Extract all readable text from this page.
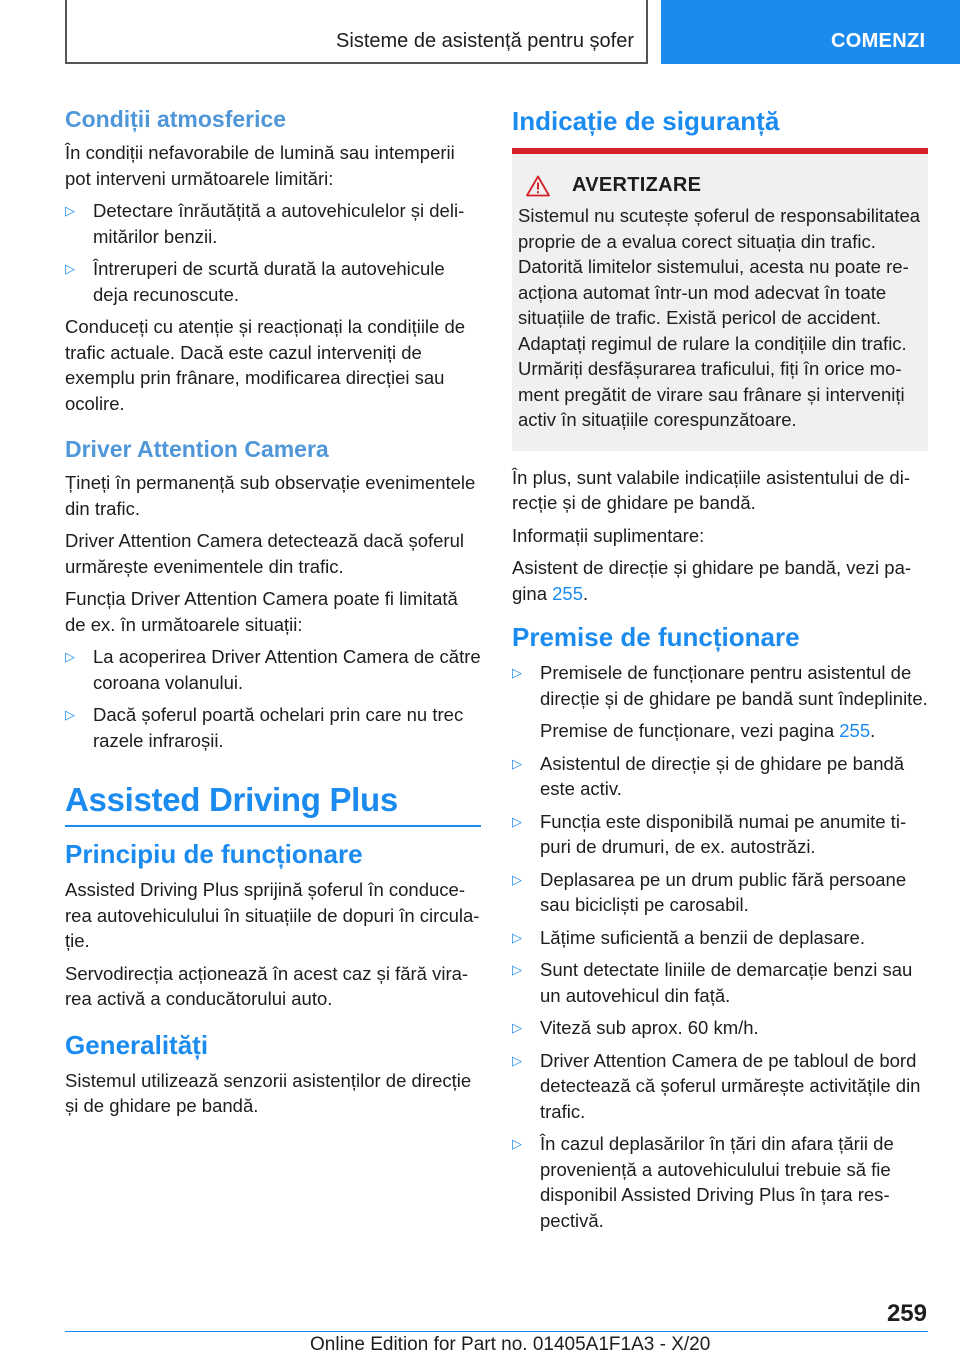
Sisteme de asistență pentru șofer	COMENZI
Condiții atmosferice

În condiții nefavorabile de lumină sau intemperii pot interveni următoarele limitări:

▷ Detectare înrăutățită a autovehiculelor și delimitărilor benzii.
▷ Întreruperi de scurtă durată la autovehicule deja recunoscute.

Conduceți cu atenție și reacționați la condițiile de trafic actuale. Dacă este cazul interveniți de exemplu prin frânare, modificarea direcției sau ocolire.

Driver Attention Camera

Țineți în permanență sub observație evenimentele din trafic.

Driver Attention Camera detectează dacă șoferul urmărește evenimentele din trafic.

Funcția Driver Attention Camera poate fi limitată de ex. în următoarele situații:

▷ La acoperirea Driver Attention Camera de către coroana volanului.
▷ Dacă șoferul poartă ochelari prin care nu trec razele infraroșii.
Assisted Driving Plus
Principiu de funcționare

Assisted Driving Plus sprijină șoferul în conducerea autovehiculului în situațiile de dopuri în circulație.

Servodirecția acționează în acest caz și fără virarea activă a conducătorului auto.

Generalități

Sistemul utilizează senzorii asistenților de direcție și de ghidare pe bandă.

Indicație de siguranță
AVERTIZARE

Sistemul nu scutește șoferul de responsabilitatea proprie de a evalua corect situația din trafic. Datorită limitelor sistemului, acesta nu poate reacționa automat într-un mod adecvat în toate situațiile de trafic. Există pericol de accident. Adaptați regimul de rulare la condițiile din trafic. Urmăriți desfășurarea traficului, fiți în orice moment pregătit de virare sau frânare și interveniți activ în situațiile corespunzătoare.

În plus, sunt valabile indicațiile asistentului de direcție și de ghidare pe bandă.

Informații suplimentare:

Asistent de direcție și ghidare pe bandă, vezi pagina 255.

Premise de funcționare
▷ Premisele de funcționare pentru asistentul de direcție și de ghidare pe bandă sunt îndeplinite.
Premise de funcționare, vezi pagina 255.
▷ Asistentul de direcție și de ghidare pe bandă este activ.
▷ Funcția este disponibilă numai pe anumite tipuri de drumuri, de ex. autostrăzi.
▷ Deplasarea pe un drum public fără persoane sau bicicliști pe carosabil.
▷ Lățime suficientă a benzii de deplasare.
▷ Sunt detectate liniile de demarcație benzi sau un autovehicul din față.
▷ Viteză sub aprox. 60 km/h.
▷ Driver Attention Camera de pe tabloul de bord detectează că șoferul urmărește activitățile din trafic.
▷ În cazul deplasărilor în țări din afara țării de proveniență a autovehiculului trebuie să fie disponibil Assisted Driving Plus în țara respectivă.
259
Online Edition for Part no. 01405A1F1A3 - X/20
